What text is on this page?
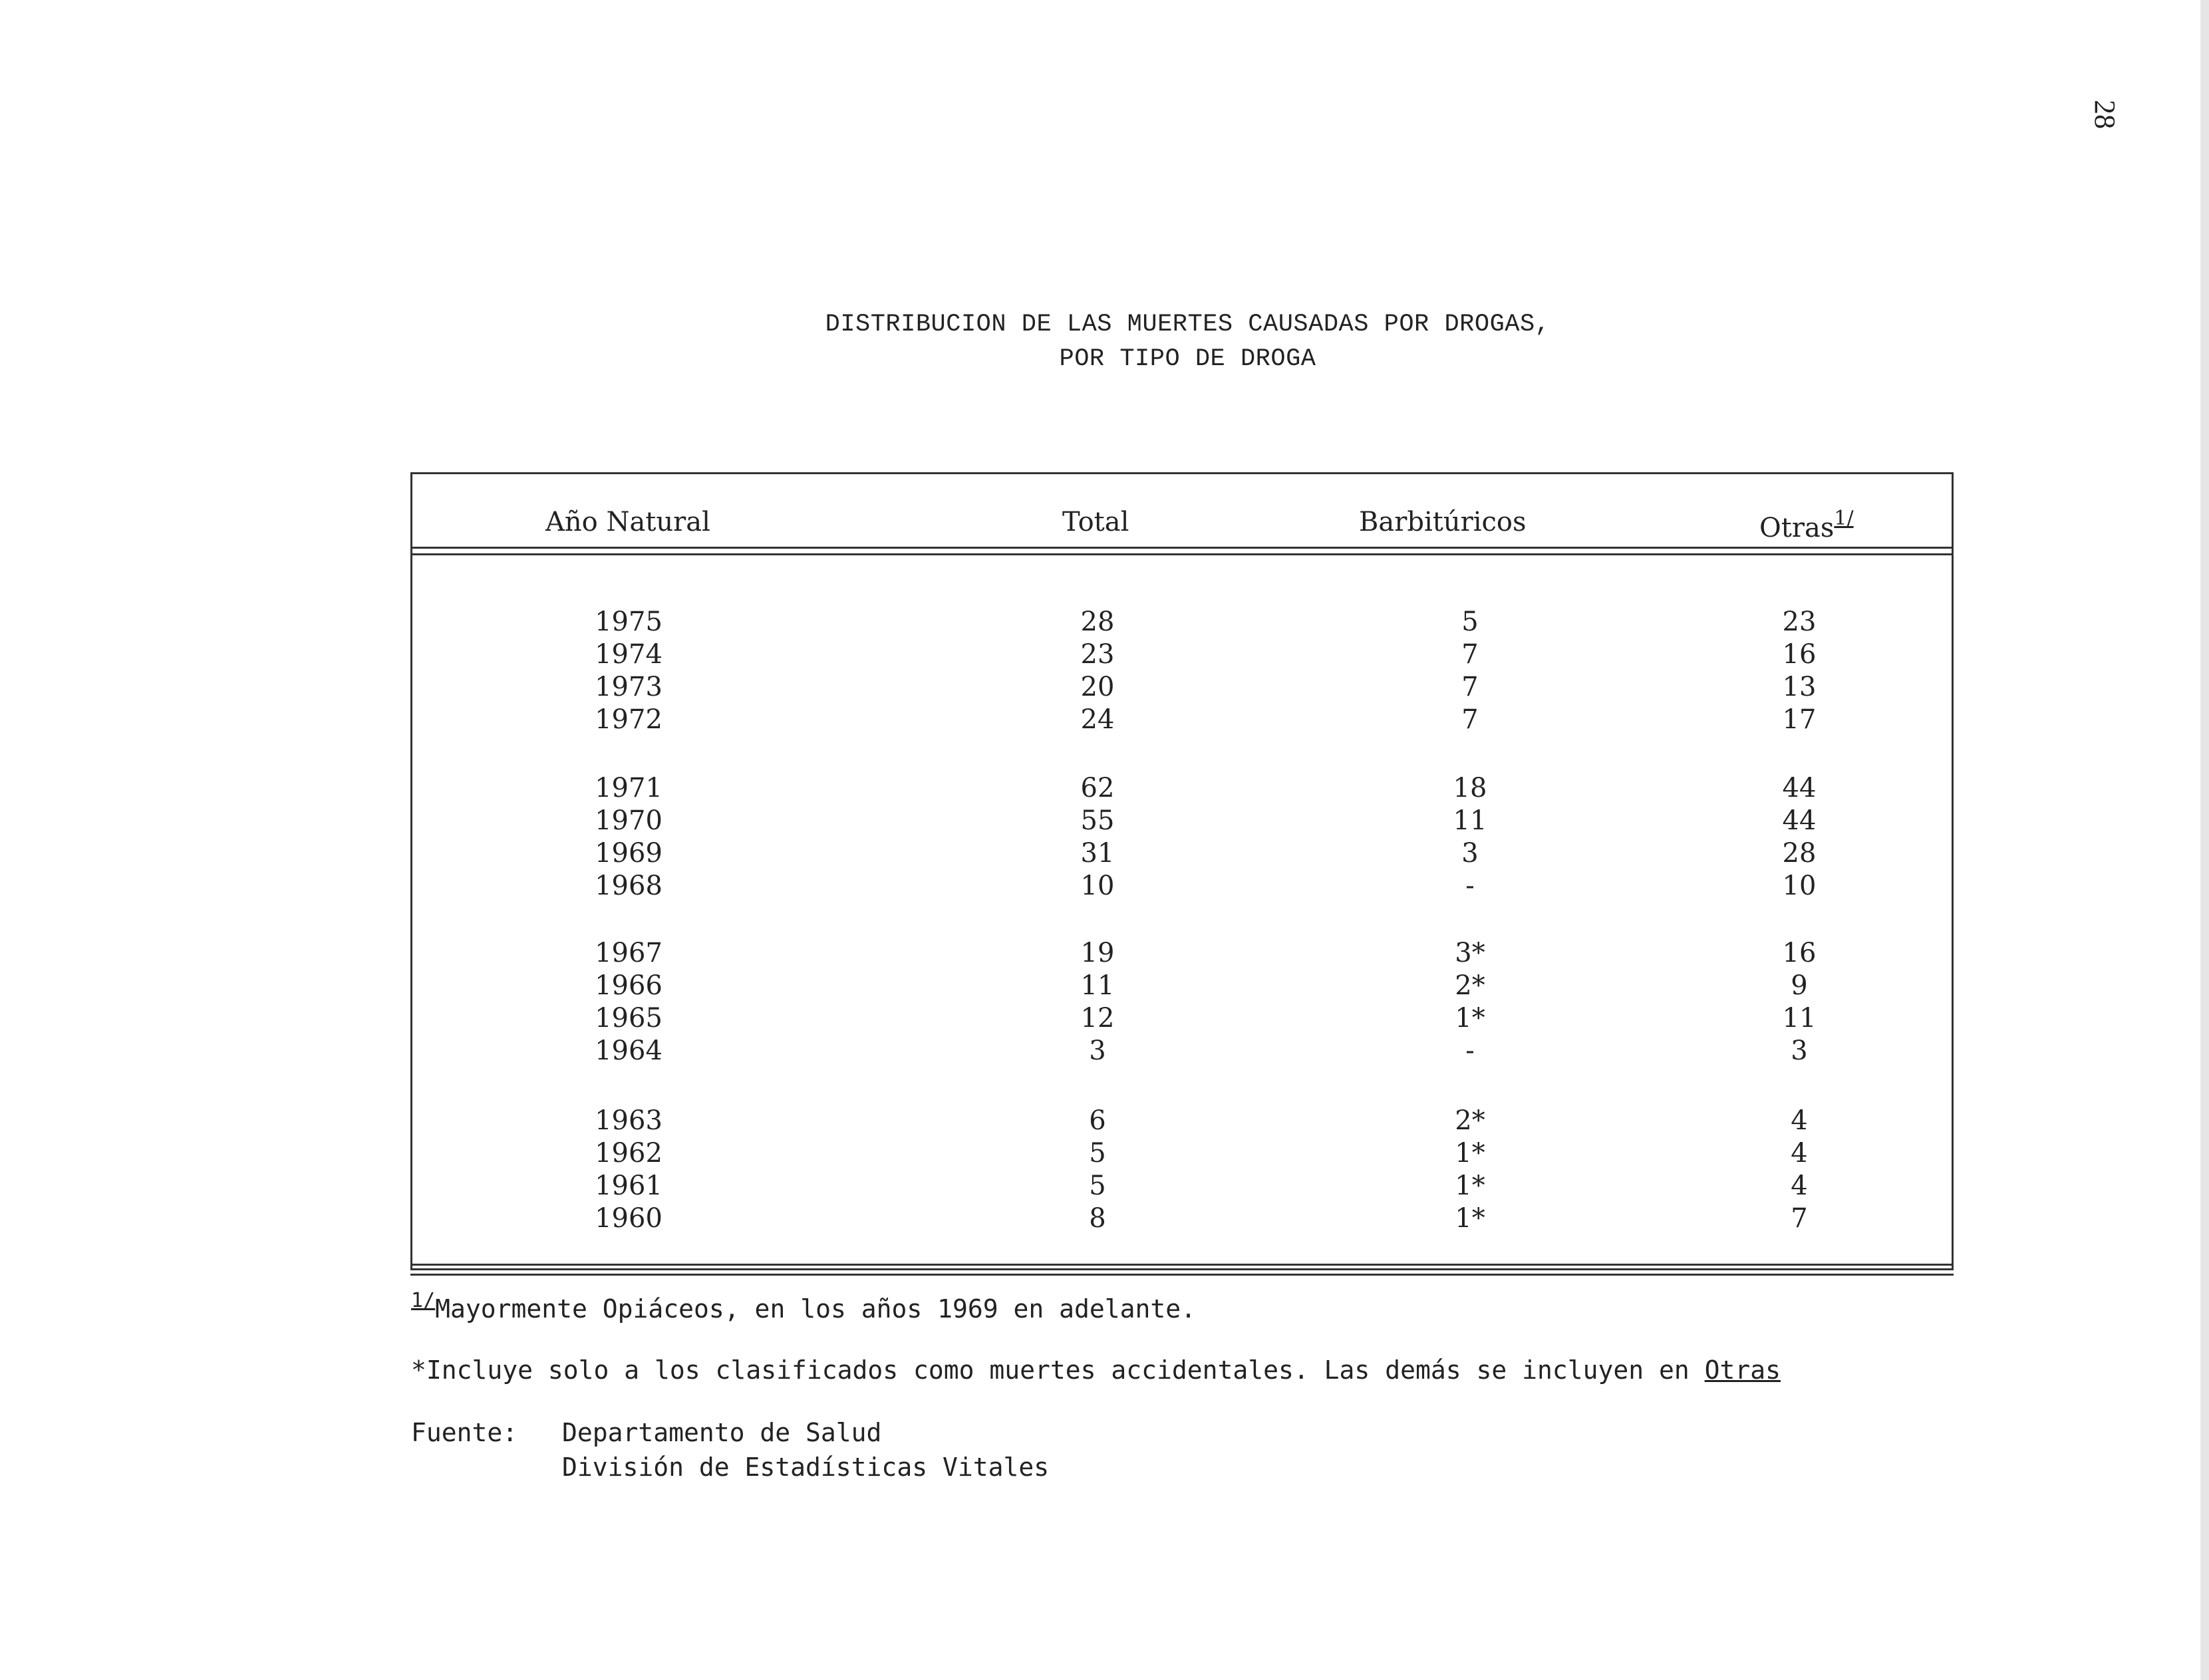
28
DISTRIBUCION DE LAS MUERTES CAUSADAS POR DROGAS,
POR TIPO DE DROGA
Año Natural	Total	Barbitúricos	Otras$^{1/}$
1975	28	5	23
1974	23	7	16
1973	20	7	13
1972	24	7	17
1971	62	18	44
1970	55	11	44
1969	31	3	28
1968	10	-	10
1967	19	3*	16
1966	11	2*	9
1965	12	1*	11
1964	3	-	3
1963	6	2*	4
1962	5	1*	4
1961	5	1*	4
1960	8	1*	7
$^{1/}$Mayormente Opiáceos, en los años 1969 en adelante.
*Incluye solo a los clasificados como muertes accidentales. Las demás se incluyen en Otras
Fuente: Departamento de Salud
División de Estadísticas Vitales
